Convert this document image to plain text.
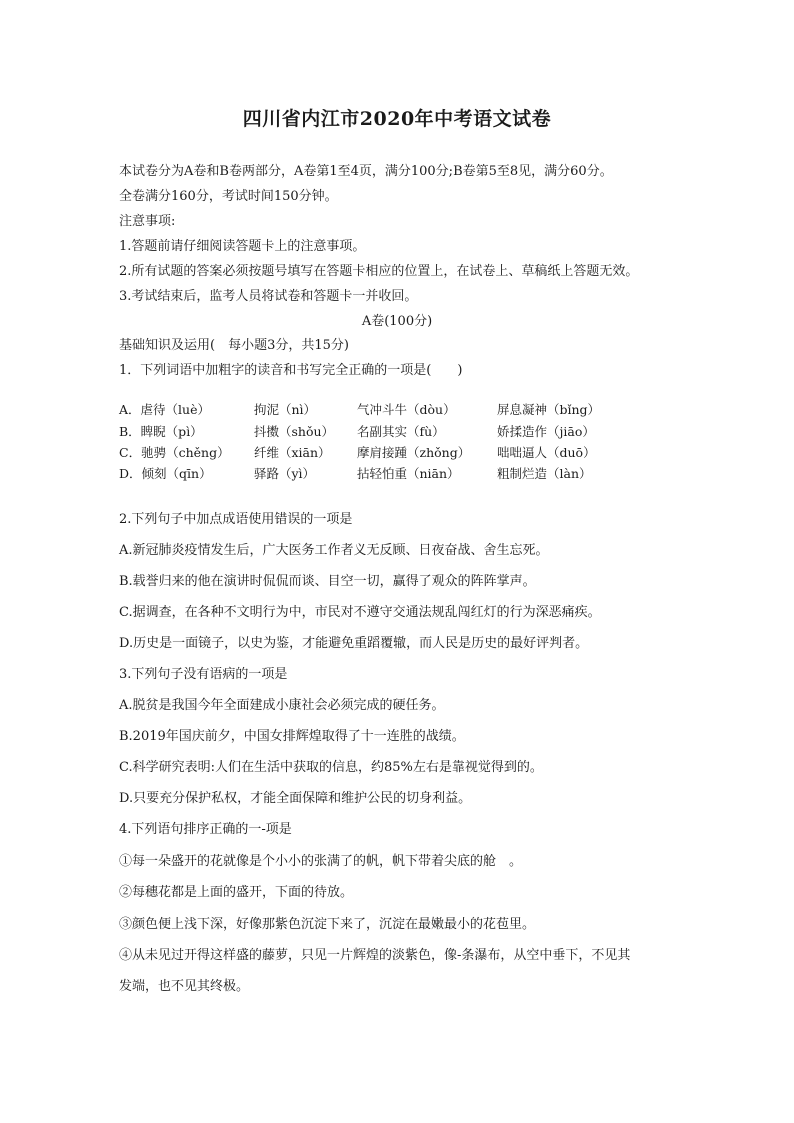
四川省内江市2020年中考语文试卷
本试卷分为A卷和B卷两部分，A卷第1至4页，满分100分;B卷第5至8见，满分60分。
全卷满分160分，考试时间150分钟。
注意事项:
1.答题前请仔细阅读答题卡上的注意事项。
2.所有试题的答案必须按题号填写在答题卡相应的位置上，在试卷上、草稿纸上答题无效。
3.考试结束后，监考人员将试卷和答题卡一并收回。
A卷(100分)
基础知识及运用(　每小题3分，共15分)
1．下列词语中加粗字的读音和书写完全正确的一项是(　　)
A．虐待（luè）	拘泥（nì）	气冲斗牛（dòu）	屏息凝神（bǐng）
B．睥睨（pì）	抖擞（shǒu） 名副其实（fù）	娇揉造作（jiāo）
C．驰骋（chěng） 纤维（xiān） 摩肩接踵（zhǒng） 咄咄逼人（duō）
D．倾刻（qīn）	驿路（yì）	拈轻怕重（niān）	粗制烂造（làn）
2.下列句子中加点成语使用错误的一项是
A.新冠肺炎疫情发生后，广大医务工作者义无反顾、日夜奋战、舍生忘死。
B.载誉归来的他在演讲时侃侃而谈、目空一切，赢得了观众的阵阵掌声。
C.据调查，在各种不文明行为中，市民对不遵守交通法规乱闯红灯的行为深恶痛疾。
D.历史是一面镜子，以史为鉴，才能避免重蹈覆辙，而人民是历史的最好评判者。
3.下列句子没有语病的一项是
A.脱贫是我国今年全面建成小康社会必须完成的硬任务。
B.2019年国庆前夕，中国女排辉煌取得了十一连胜的战绩。
C.科学研究表明:人们在生活中获取的信息，约85%左右是靠视觉得到的。
D.只要充分保护私权，才能全面保障和维护公民的切身利益。
4.下列语句排序正确的一-项是
①每一朵盛开的花就像是个小小的张满了的帆，帆下带着尖底的舱　。
②每穗花都是上面的盛开，下面的待放。
③颜色便上浅下深，好像那紫色沉淀下来了，沉淀在最嫩最小的花苞里。
④从未见过开得这样盛的藤萝，只见一片辉煌的淡紫色，像-条瀑布，从空中垂下，不见其
发端，也不见其终极。
